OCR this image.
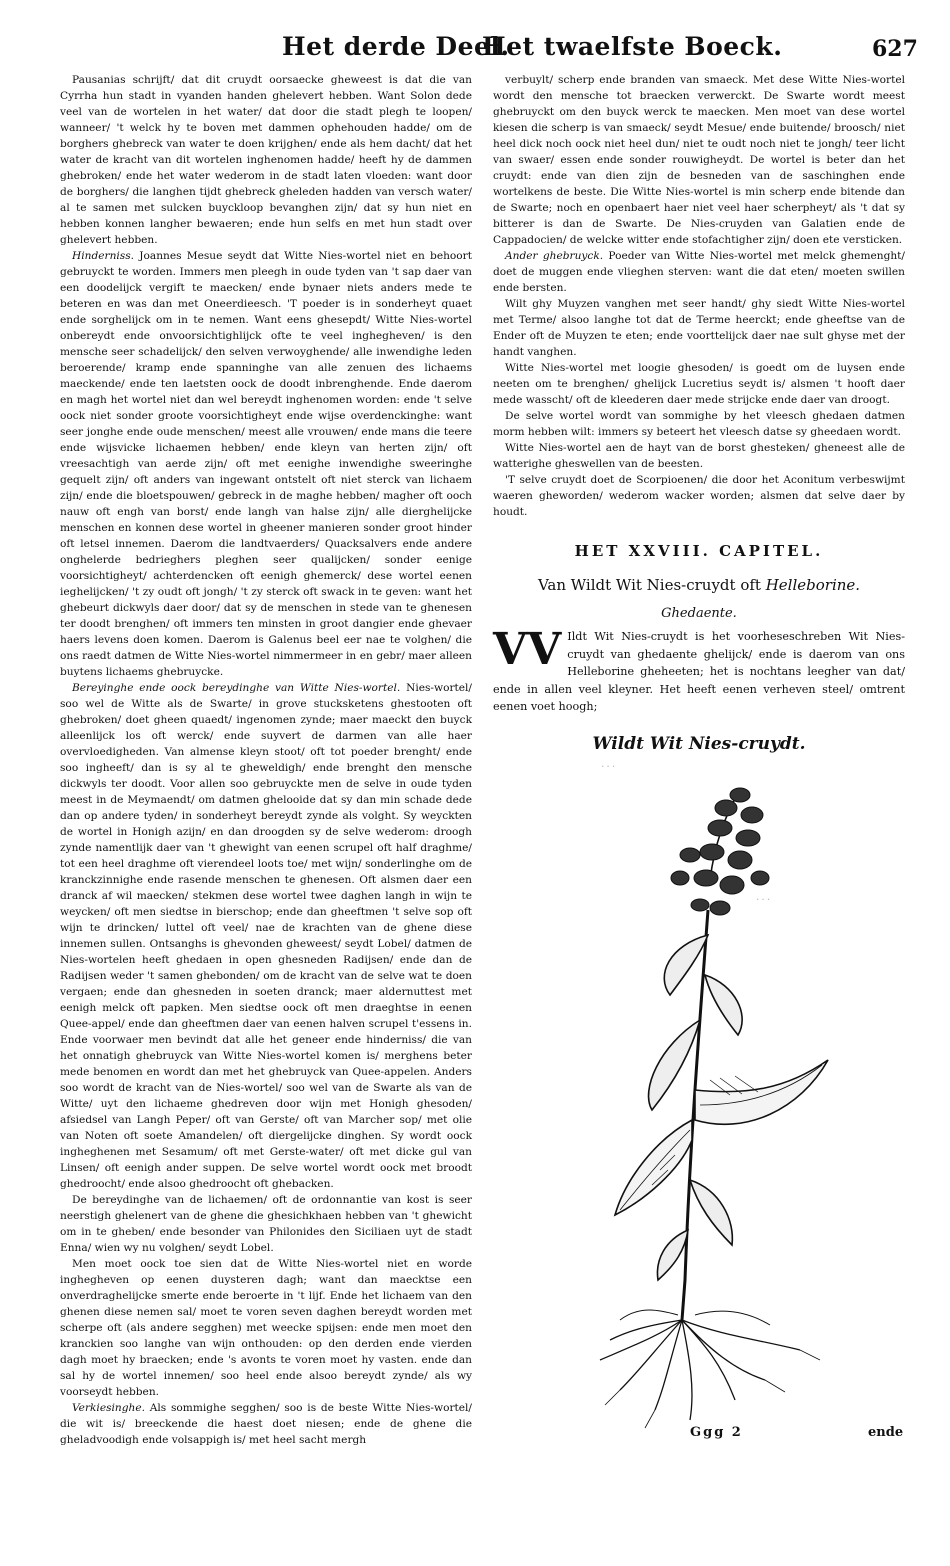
Het derde Deel.
Het twaelfste Boeck.	627

Pausanias schrijft/ dat dit cruydt oorsaecke gheweest is dat die van Cyrrha hun stadt in vyanden handen ghelevert hebben. Want Solon dede veel van de wortelen in het water/ dat door die stadt plegh te loopen/ wanneer/ 't welck hy te boven met dammen ophehouden hadde/ om de borghers ghebreck van water te doen krijghen/ ende als hem dacht/ dat het water de kracht van dit wortelen inghenomen hadde/ heeft hy de dammen ghebroken/ ende het water wederom in de stadt laten vloeden: want door de borghers/ die langhen tijdt ghebreck gheleden hadden van versch water/ al te samen met sulcken buyckloop bevanghen zijn/ dat sy hun niet en hebben konnen langher bewaeren; ende hun selfs en met hun stadt over ghelevert hebben.

Hinderniss. Joannes Mesue seydt dat Witte Nies-wortel niet en behoort gebruyckt te worden. Immers men pleegh in oude tyden van 't sap daer van een doodelijck vergift te maecken/ ende bynaer niets anders mede te beteren en was dan met Oneerdieesch. 'T poeder is in sonderheyt quaet ende sorghelijck om in te nemen. Want eens ghesepdt/ Witte Nies-wortel onbereydt ende onvoorsichtighlijck ofte te veel inghegheven/ is den mensche seer schadelijck/ den selven verwoyghende/ alle inwendighe leden beroerende/ kramp ende spanninghe van alle zenuen des lichaems maeckende/ ende ten laetsten oock de doodt inbrenghende. Ende daerom en magh het wortel niet dan wel bereydt inghenomen worden: ende 't selve oock niet sonder groote voorsichtigheyt ende wijse overdenckinghe: want seer jonghe ende oude menschen/ meest alle vrouwen/ ende mans die teere ende wijsvicke lichaemen hebben/ ende kleyn van herten zijn/ oft vreesachtigh van aerde zijn/ oft met eenighe inwendighe sweeringhe gequelt zijn/ oft anders van ingewant ontstelt oft niet sterck van lichaem zijn/ ende die bloetspouwen/ gebreck in de maghe hebben/ magher oft ooch nauw oft engh van borst/ ende langh van halse zijn/ alle dierghelijcke menschen en konnen dese wortel in gheener manieren sonder groot hinder oft letsel innemen. Daerom die landtvaerders/ Quacksalvers ende andere onghelerde bedrieghers pleghen seer qualijcken/ sonder eenige voorsichtigheyt/ achterdencken oft eenigh ghemerck/ dese wortel eenen ieghelijcken/ 't zy oudt oft jongh/ 't zy sterck oft swack in te geven: want het ghebeurt dickwyls daer door/ dat sy de menschen in stede van te ghenesen ter doodt brenghen/ oft immers ten minsten in groot dangier ende ghevaer haers levens doen komen. Daerom is Galenus beel eer nae te volghen/ die ons raedt datmen de Witte Nies-wortel nimmermeer in en gebr/ maer alleen buytens lichaems ghebruycke.

Bereyinghe ende oock bereydinghe van Witte Nies-wortel. Nies-wortel/ soo wel de Witte als de Swarte/ in grove stucksketens ghestooten oft ghebroken/ doet gheen quaedt/ ingenomen zynde; maer maeckt den buyck alleenlijck los oft werck/ ende suyvert de darmen van alle haer overvloedigheden. Van almense kleyn stoot/ oft tot poeder brenght/ ende soo ingheeft/ dan is sy al te gheweldigh/ ende brenght den mensche dickwyls ter doodt. Voor allen soo gebruyckte men de selve in oude tyden meest in de Meymaendt/ om datmen ghelooide dat sy dan min schade dede dan op andere tyden/ in sonderheyt bereydt zynde als volght. Sy weyckten de wortel in Honigh azijn/ en dan droogden sy de selve wederom: droogh zynde namentlijk daer van 't ghewight van eenen scrupel oft half draghme/ tot een heel draghme oft vierendeel loots toe/ met wijn/ sonderlinghe om de kranckzinnighe ende rasende menschen te ghenesen. Oft alsmen daer een dranck af wil maecken/ stekmen dese wortel twee daghen langh in wijn te weycken/ oft men siedtse in bierschop; ende dan gheeftmen 't selve sop oft wijn te drincken/ luttel oft veel/ nae de krachten van de ghene diese innemen sullen. Ontsanghs is ghevonden gheweest/ seydt Lobel/ datmen de Nies-wortelen heeft ghedaen in open ghesneden Radijsen/ ende dan de Radijsen weder 't samen ghebonden/ om de kracht van de selve wat te doen vergaen; ende dan ghesneden in soeten dranck; maer aldernuttest met eenigh melck oft papken. Men siedtse oock oft men draeghtse in eenen Quee-appel/ ende dan gheeftmen daer van eenen halven scrupel t'essens in. Ende voorwaer men bevindt dat alle het geneer ende hinderniss/ die van het onnatigh ghebruyck van Witte Nies-wortel komen is/ merghens beter mede benomen en wordt dan met het ghebruyck van Quee-appelen. Anders soo wordt de kracht van de Nies-wortel/ soo wel van de Swarte als van de Witte/ uyt den lichaeme ghedreven door wijn met Honigh ghesoden/ afsiedsel van Langh Peper/ oft van Gerste/ oft van Marcher sop/ met olie van Noten oft soete Amandelen/ oft diergelijcke dinghen. Sy wordt oock ingheghenen met Sesamum/ oft met Gerste-water/ oft met dicke gul van Linsen/ oft eenigh ander suppen. De selve wortel wordt oock met broodt ghedroocht/ ende alsoo ghedroocht oft ghebacken.

De bereydinghe van de lichaemen/ oft de ordonnantie van kost is seer neerstigh ghelenert van de ghene die ghesichkhaen hebben van 't ghewicht om in te gheben/ ende besonder van Philonides den Siciliaen uyt de stadt Enna/ wien wy nu volghen/ seydt Lobel.

Men moet oock toe sien dat de Witte Nies-wortel niet en worde inghegheven op eenen duysteren dagh; want dan maecktse een onverdraghelijcke smerte ende beroerte in 't lijf. Ende het lichaem van den ghenen diese nemen sal/ moet te voren seven daghen bereydt worden met scherpe oft (als andere segghen) met weecke spijsen: ende men moet den kranckien soo langhe van wijn onthouden: op den derden ende vierden dagh moet hy braecken; ende 's avonts te voren moet hy vasten. ende dan sal hy de wortel innemen/ soo heel ende alsoo bereydt zynde/ als wy voorseydt hebben.

Verkiesinghe. Als sommighe segghen/ soo is de beste Witte Nies-wortel/ die wit is/ breeckende die haest doet niesen; ende de ghene die gheladvoodigh ende volsappigh is/ met heel sacht mergh

verbuylt/ scherp ende branden van smaeck. Met dese Witte Nies-wortel wordt den mensche tot braecken verwerckt. De Swarte wordt meest ghebruyckt om den buyck werck te maecken. Men moet van dese wortel kiesen die scherp is van smaeck/ seydt Mesue/ ende buitende/ broosch/ niet heel dick noch oock niet heel dun/ niet te oudt noch niet te jongh/ teer licht van swaer/ essen ende sonder rouwigheydt. De wortel is beter dan het cruydt: ende van dien zijn de besneden van de saschinghen ende wortelkens de beste. Die Witte Nies-wortel is min scherp ende bitende dan de Swarte; noch en openbaert haer niet veel haer scherpheyt/ als 't dat sy bitterer is dan de Swarte. De Nies-cruyden van Galatien ende de Cappadocien/ de welcke witter ende stofachtigher zijn/ doen ete versticken.

Ander ghebruyck. Poeder van Witte Nies-wortel met melck ghemenght/ doet de muggen ende vlieghen sterven: want die dat eten/ moeten swillen ende bersten.

Wilt ghy Muyzen vanghen met seer handt/ ghy siedt Witte Nies-wortel met Terme/ alsoo langhe tot dat de Terme heerckt; ende gheeftse van de Ender oft de Muyzen te eten; ende voorttelijck daer nae sult ghyse met der handt vanghen.

Witte Nies-wortel met loogie ghesoden/ is goedt om de luysen ende neeten om te brenghen/ ghelijck Lucretius seydt is/ alsmen 't hooft daer mede wasscht/ oft de kleederen daer mede strijcke ende daer van droogt.

De selve wortel wordt van sommighe by het vleesch ghedaen datmen morm hebben wilt: immers sy beteert het vleesch datse sy gheedaen wordt.

Witte Nies-wortel aen de hayt van de borst ghesteken/ gheneest alle de watterighe gheswellen van de beesten.

'T selve cruydt doet de Scorpioenen/ die door het Aconitum verbeswijmt waeren gheworden/ wederom wacker worden; alsmen dat selve daer by houdt.

HET XXVIII. CAPITEL.
Van Wildt Wit Nies-cruydt oft Helleborine.
Ghedaente.
VV Ildt Wit Nies-cruydt is het voorheseschreben Wit Nies-cruydt van ghedaente ghelijck/ ende is daerom van ons Helleborine gheheeten; het is nochtans leegher van dat/ ende in allen veel kleyner. Het heeft eenen verheven steel/ omtrent eenen voet hoogh;
Wildt Wit Nies-cruydt.
...
...
Ggg 2	ende
